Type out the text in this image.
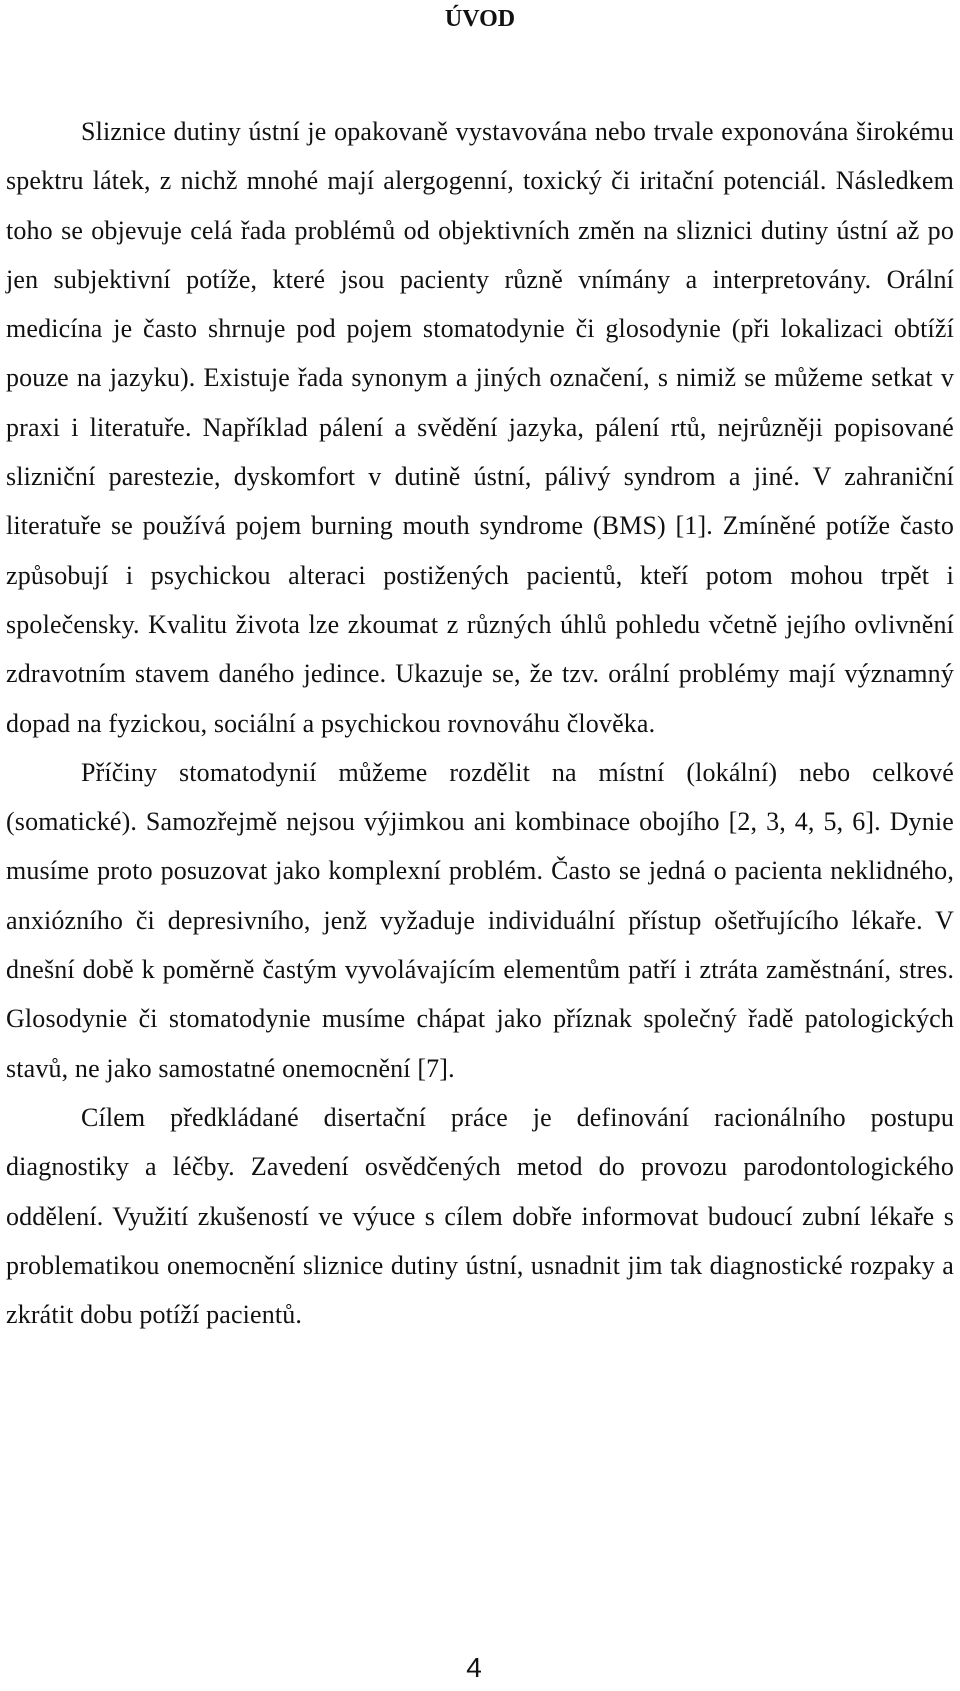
ÚVOD

Sliznice dutiny ústní je opakovaně vystavována nebo trvale exponována širokému spektru látek, z nichž mnohé mají alergogenní, toxický či iritační potenciál. Následkem toho se objevuje celá řada problémů od objektivních změn na sliznici dutiny ústní až po jen subjektivní potíže, které jsou pacienty různě vnímány a interpretovány. Orální medicína je často shrnuje pod pojem stomatodynie či glosodynie (při lokalizaci obtíží pouze na jazyku). Existuje řada synonym a jiných označení, s nimiž se můžeme setkat v praxi i literatuře. Například pálení a svědění jazyka, pálení rtů, nejrůzněji popisované slizniční parestezie, dyskomfort v dutině ústní, pálivý syndrom a jiné. V zahraniční literatuře se používá pojem burning mouth syndrome (BMS) [1]. Zmíněné potíže často způsobují i psychickou alteraci postižených pacientů, kteří potom mohou trpět i společensky. Kvalitu života lze zkoumat z různých úhlů pohledu včetně jejího ovlivnění zdravotním stavem daného jedince. Ukazuje se, že tzv. orální problémy mají významný dopad na fyzickou, sociální a psychickou rovnováhu člověka.

Příčiny stomatodynií můžeme rozdělit na místní (lokální) nebo celkové (somatické). Samozřejmě nejsou výjimkou ani kombinace obojího [2, 3, 4, 5, 6]. Dynie musíme proto posuzovat jako komplexní problém. Často se jedná o pacienta neklidného, anxiózního či depresivního, jenž vyžaduje individuální přístup ošetřujícího lékaře. V dnešní době k poměrně častým vyvolávajícím elementům patří i ztráta zaměstnání, stres. Glosodynie či stomatodynie musíme chápat jako příznak společný řadě patologických stavů, ne jako samostatné onemocnění [7].

Cílem předkládané disertační práce je definování racionálního postupu diagnostiky a léčby. Zavedení osvědčených metod do provozu parodontologického oddělení. Využití zkušeností ve výuce s cílem dobře informovat budoucí zubní lékaře s problematikou onemocnění sliznice dutiny ústní, usnadnit jim tak diagnostické rozpaky a zkrátit dobu potíží pacientů.

4
